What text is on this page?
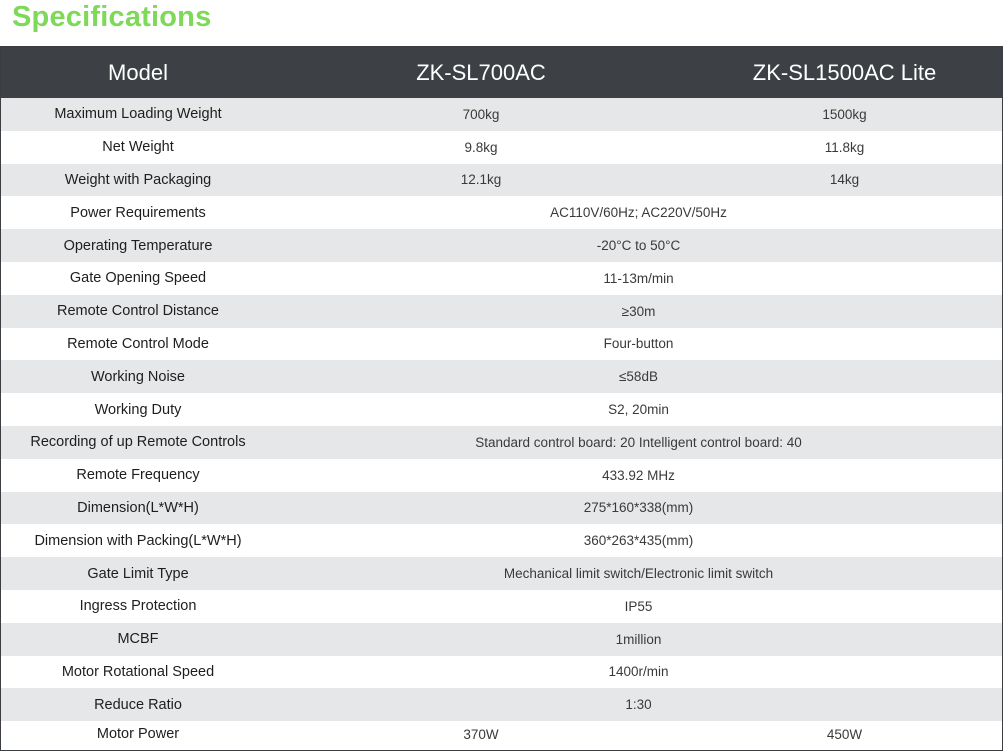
Specifications
Model	ZK-SL700AC	ZK-SL1500AC Lite
Maximum Loading Weight	700kg	1500kg
Net Weight	9.8kg	11.8kg
Weight with Packaging	12.1kg	14kg
Power Requirements	AC110V/60Hz; AC220V/50Hz	
Operating Temperature	-20°C to 50°C	
Gate Opening Speed	11-13m/min	
Remote Control Distance	≥30m	
Remote Control Mode	Four-button	
Working Noise	≤58dB	
Working Duty	S2, 20min	
Recording of up Remote Controls	Standard control board: 20 Intelligent control board: 40	
Remote Frequency	433.92 MHz	
Dimension(L*W*H)	275*160*338(mm)	
Dimension with Packing(L*W*H)	360*263*435(mm)	
Gate Limit Type	Mechanical limit switch/Electronic limit switch	
Ingress Protection	IP55	
MCBF	1million	
Motor Rotational Speed	1400r/min	
Reduce Ratio	1:30	
Motor Power	370W	450W
